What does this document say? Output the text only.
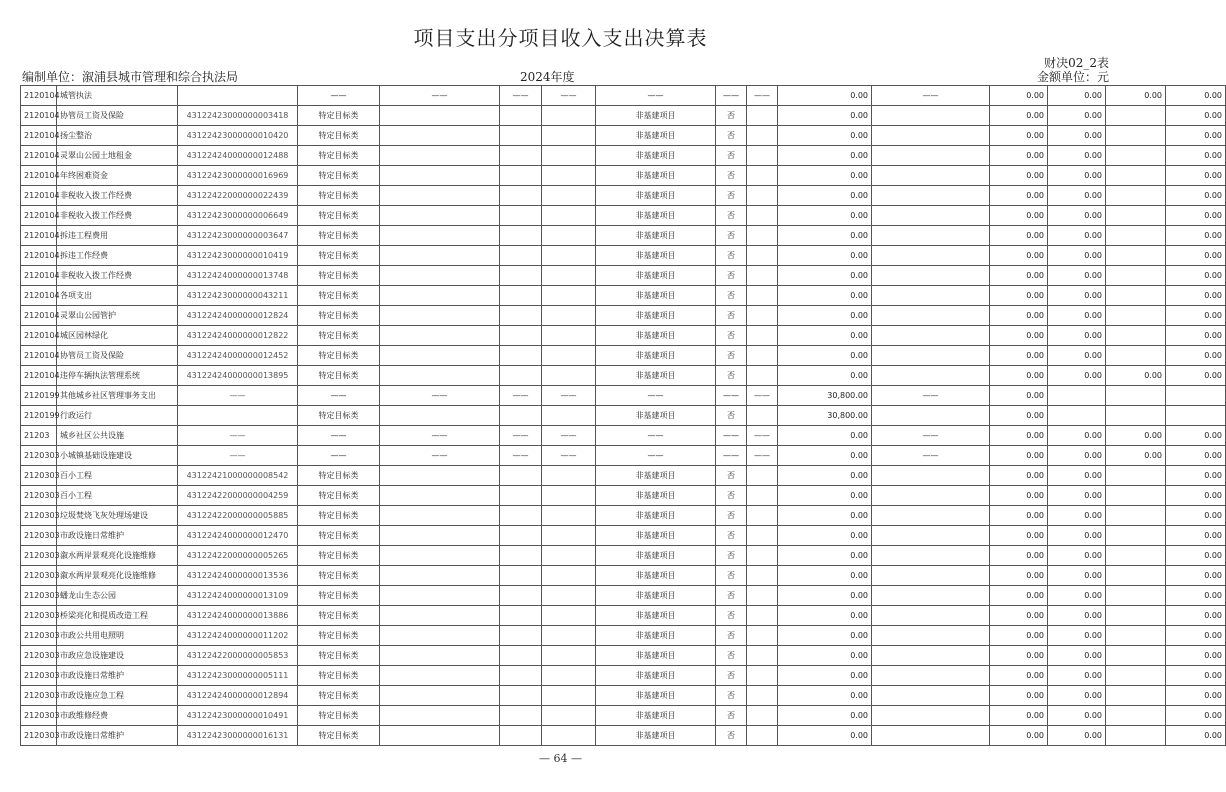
项目支出分项目收入支出决算表
财决02_2表
编制单位：溆浦县城市管理和综合执法局	2024年度	金额单位：元
2120104	城管执法		——	——	——	——	——	——	——	0.00	——	0.00	0.00	0.00	0.00
2120104	协管员工资及保险	43122423000000003418	特定目标类				非基建项目	否		0.00		0.00	0.00		0.00
2120104	扬尘整治	43122423000000010420	特定目标类				非基建项目	否		0.00		0.00	0.00		0.00
2120104	灵翠山公园土地租金	43122424000000012488	特定目标类				非基建项目	否		0.00		0.00	0.00		0.00
2120104	年终困难资金	43122423000000016969	特定目标类				非基建项目	否		0.00		0.00	0.00		0.00
2120104	非税收入拨工作经费	43122422000000022439	特定目标类				非基建项目	否		0.00		0.00	0.00		0.00
2120104	非税收入拨工作经费	43122423000000006649	特定目标类				非基建项目	否		0.00		0.00	0.00		0.00
2120104	拆违工程费用	43122423000000003647	特定目标类				非基建项目	否		0.00		0.00	0.00		0.00
2120104	拆违工作经费	43122423000000010419	特定目标类				非基建项目	否		0.00		0.00	0.00		0.00
2120104	非税收入拨工作经费	43122424000000013748	特定目标类				非基建项目	否		0.00		0.00	0.00		0.00
2120104	各项支出	43122423000000043211	特定目标类				非基建项目	否		0.00		0.00	0.00		0.00
2120104	灵翠山公园管护	43122424000000012824	特定目标类				非基建项目	否		0.00		0.00	0.00		0.00
2120104	城区园林绿化	43122424000000012822	特定目标类				非基建项目	否		0.00		0.00	0.00		0.00
2120104	协管员工资及保险	43122424000000012452	特定目标类				非基建项目	否		0.00		0.00	0.00		0.00
2120104	违停车辆执法管理系统	43122424000000013895	特定目标类				非基建项目	否		0.00		0.00	0.00	0.00	0.00
2120199	其他城乡社区管理事务支出	——	——	——	——	——	——	——	——	30,800.00	——	0.00			
2120199	行政运行		特定目标类				非基建项目	否		30,800.00		0.00			
21203	城乡社区公共设施	——	——	——	——	——	——	——	——	0.00	——	0.00	0.00	0.00	0.00
2120303	小城镇基础设施建设	——	——	——	——	——	——	——	——	0.00	——	0.00	0.00	0.00	0.00
2120303	百小工程	43122421000000008542	特定目标类				非基建项目	否		0.00		0.00	0.00		0.00
2120303	百小工程	43122422000000004259	特定目标类				非基建项目	否		0.00		0.00	0.00		0.00
2120303	垃圾焚烧飞灰处理场建设	43122422000000005885	特定目标类				非基建项目	否		0.00		0.00	0.00		0.00
2120303	市政设施日常维护	43122424000000012470	特定目标类				非基建项目	否		0.00		0.00	0.00		0.00
2120303	溆水两岸景观亮化设施维修	43122422000000005265	特定目标类				非基建项目	否		0.00		0.00	0.00		0.00
2120303	溆水两岸景观亮化设施维修	43122424000000013536	特定目标类				非基建项目	否		0.00		0.00	0.00		0.00
2120303	蟠龙山生态公园	43122424000000013109	特定目标类				非基建项目	否		0.00		0.00	0.00		0.00
2120303	桥梁亮化和提质改造工程	43122424000000013886	特定目标类				非基建项目	否		0.00		0.00	0.00		0.00
2120303	市政公共用电照明	43122424000000011202	特定目标类				非基建项目	否		0.00		0.00	0.00		0.00
2120303	市政应急设施建设	43122422000000005853	特定目标类				非基建项目	否		0.00		0.00	0.00		0.00
2120303	市政设施日常维护	43122423000000005111	特定目标类				非基建项目	否		0.00		0.00	0.00		0.00
2120303	市政设施应急工程	43122424000000012894	特定目标类				非基建项目	否		0.00		0.00	0.00		0.00
2120303	市政维修经费	43122423000000010491	特定目标类				非基建项目	否		0.00		0.00	0.00		0.00
2120303	市政设施日常维护	43122423000000016131	特定目标类				非基建项目	否		0.00		0.00	0.00		0.00
— 64 —
